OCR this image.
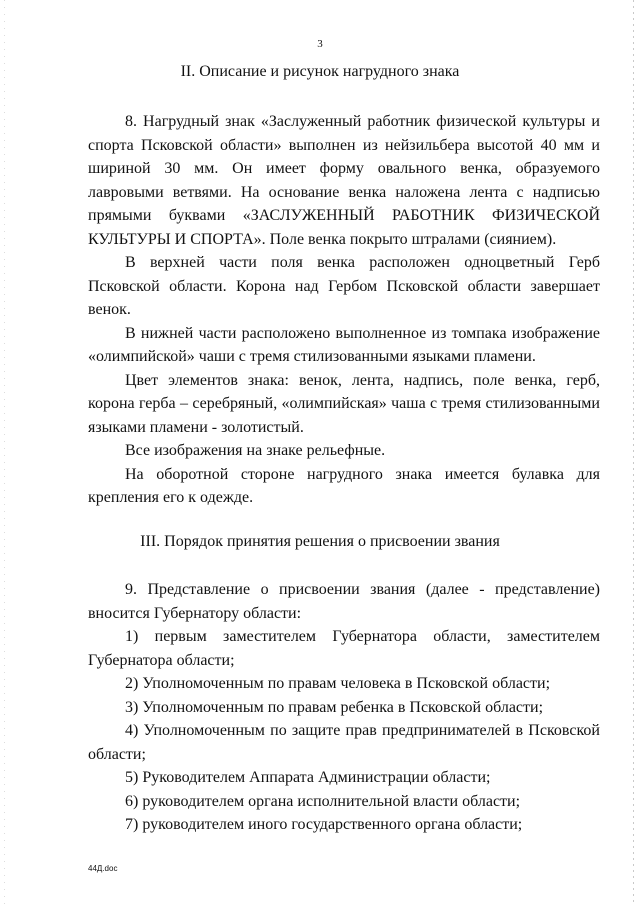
3
II. Описание и рисунок нагрудного знака

8. Нагрудный знак «Заслуженный работник физической культуры и спорта Псковской области» выполнен из нейзильбера высотой 40 мм и шириной 30 мм. Он имеет форму овального венка, образуемого лавровыми ветвями. На основание венка наложена лента с надписью прямыми буквами «ЗАСЛУЖЕННЫЙ РАБОТНИК ФИЗИЧЕСКОЙ КУЛЬТУРЫ И СПОРТА». Поле венка покрыто штралами (сиянием).

В верхней части поля венка расположен одноцветный Герб Псковской области. Корона над Гербом Псковской области завершает венок.

В нижней части расположено выполненное из томпака изображение «олимпийской» чаши с тремя стилизованными языками пламени.

Цвет элементов знака: венок, лента, надпись, поле венка, герб, корона герба – серебряный, «олимпийская» чаша с тремя стилизованными языками пламени - золотистый.

Все изображения на знаке рельефные.

На оборотной стороне нагрудного знака имеется булавка для крепления его к одежде.

III. Порядок принятия решения о присвоении звания

9. Представление о присвоении звания (далее - представление) вносится Губернатору области:

1) первым заместителем Губернатора области, заместителем Губернатора области;

2) Уполномоченным по правам человека в Псковской области;

3) Уполномоченным по правам ребенка в Псковской области;

4) Уполномоченным по защите прав предпринимателей в Псковской области;

5) Руководителем Аппарата Администрации области;

6) руководителем органа исполнительной власти области;

7) руководителем иного государственного органа области;

44Д.doc
